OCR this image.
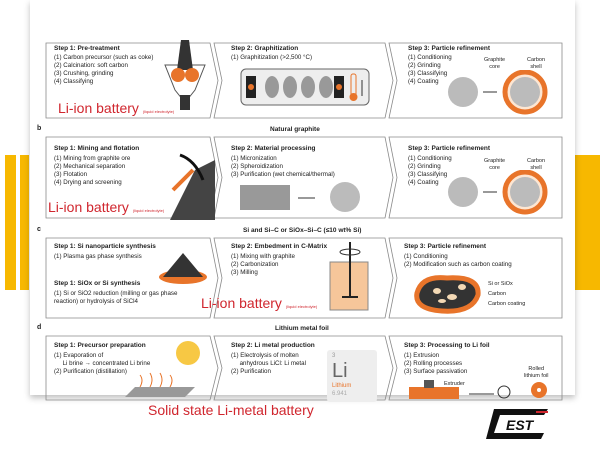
Step 1: Pre-treatment
(1) Carbon precursor (such as coke)
(2) Calcination: soft carbon
(3) Crushing, grinding
(4) Classifying
Step 2: Graphitization
(1) Graphitization (>2,500 °C)
Step 3: Particle refinement
(1) Conditioning
(2) Grinding
(3) Classifying
(4) Coating
Graphite
core
Carbon
shell
Li-ion battery (liquid electrolyte)
b	Natural graphite
Step 1: Mining and flotation
(1) Mining from graphite ore
(2) Mechanical separation
(3) Flotation
(4) Drying and screening
Step 2: Material processing
(1) Micronization
(2) Spheroidization
(3) Purification (wet chemical/thermal)
Step 3: Particle refinement
(1) Conditioning
(2) Grinding
(3) Classifying
(4) Coating
Graphite
core
Carbon
shell
Li-ion battery (liquid electrolyte)
c	Si and Si–C or SiOx–Si–C (≤10 wt% Si)
Step 1: Si nanoparticle synthesis
(1) Plasma gas phase synthesis
Step 1: SiOx or Si synthesis
(1) Si or SiO2 reduction (milling or gas phase
reaction) or hydrolysis of SiCl4
Step 2: Embedment in C-Matrix
(1) Mixing with graphite
(2) Carbonization
(3) Milling
Step 3: Particle refinement
(1) Conditioning
(2) Modification such as carbon coating
Si or SiOx
Carbon
Carbon coating
Li-ion battery (liquid electrolyte)
d	Lithium metal foil
Step 1: Precursor preparation
(1) Evaporation of
Li brine → concentrated Li brine
(2) Purification (distillation)
Step 2: Li metal production
(1) Electrolysis of molten
anhydrous LiCl: Li metal
(2) Purification
3
Li
Lithium
6.941
Step 3: Processing to Li foil
(1) Extrusion
(2) Rolling processes
(3) Surface passivation
Extruder
Rolled
lithium foil
Solid state Li-metal battery
EST
